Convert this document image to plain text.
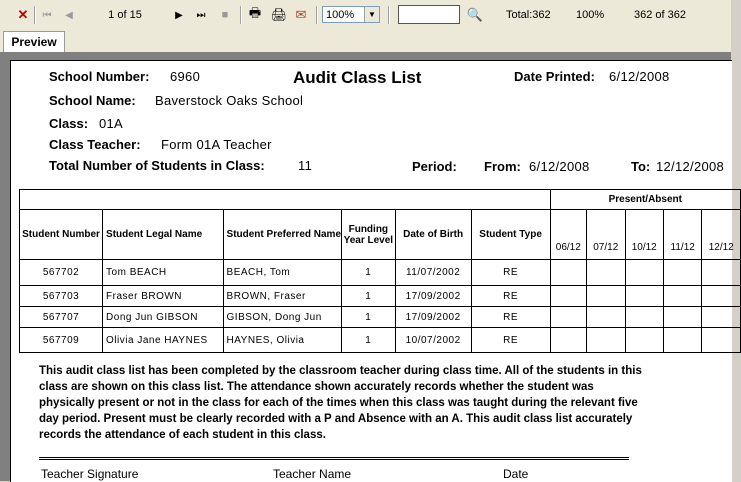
✕	⏮	◀	1 of 15	▶	⏭	■	🖶 🖨 ✉	100%	▼	🔍 Total:362 100%	362 of 362
Preview
School Number: 6960	Audit Class List	Date Printed: 6/12/2008
School Name: Baverstock Oaks School
Class: 01A
Class Teacher: Form 01A Teacher
Total Number of Students in Class:	11	Period: From: 6/12/2008	To: 12/12/2008
						Present/Absent				
Student Number	Student Legal Name	Student Preferred Name	Funding Year Level	Date of Birth	Student Type	06/12	07/12	10/12	11/12	12/12
567702	Tom BEACH	BEACH, Tom	1	11/07/2002	RE					
567703	Fraser BROWN	BROWN, Fraser	1	17/09/2002	RE					
567707	Dong Jun GIBSON	GIBSON, Dong Jun	1	17/09/2002	RE					
567709	Olivia Jane HAYNES	HAYNES, Olivia	1	10/07/2002	RE					
This audit class list has been completed by the classroom teacher during class time. All of the students in this class are shown on this class list. The attendance shown accurately records whether the student was physically present or not in the class for each of the times when this class was taught during the relevant five day period. Present must be clearly recorded with a P and Absence with an A. This audit class list accurately records the attendance of each student in this class.
Teacher Signature	Teacher Name	Date
